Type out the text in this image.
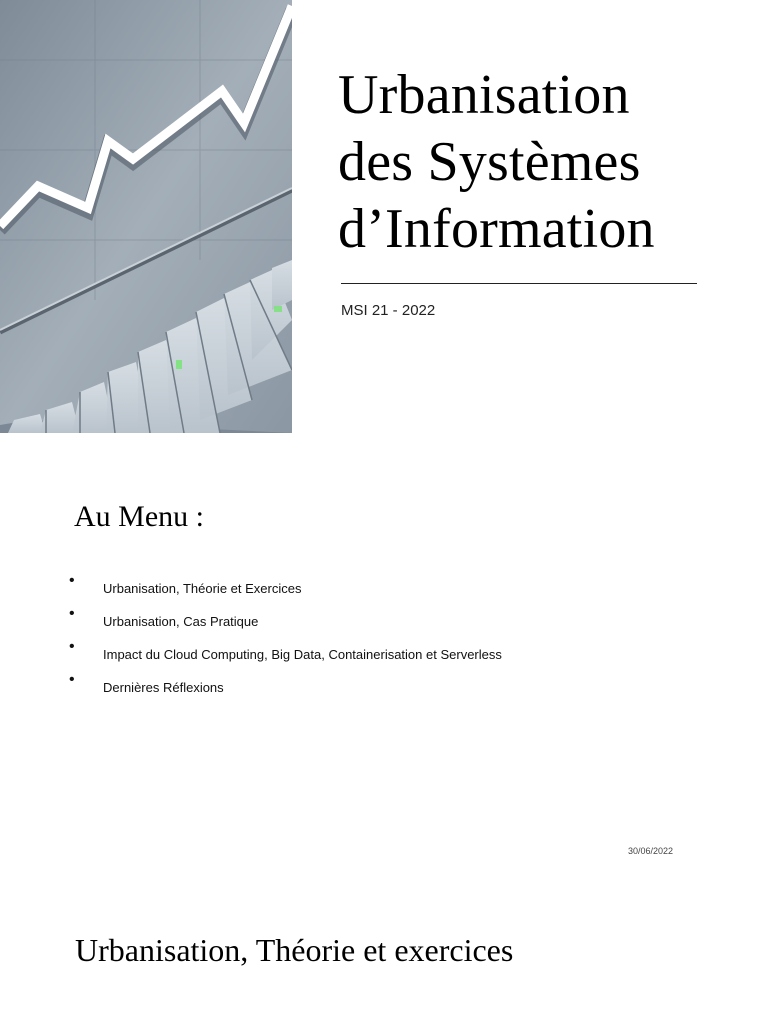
Urbanisation
des Systèmes
d’Information
MSI 21 - 2022
Au Menu :
• Urbanisation, Théorie et Exercices
• Urbanisation, Cas Pratique
• Impact du Cloud Computing, Big Data, Containerisation et Serverless
• Dernières Réflexions
30/06/2022
Urbanisation, Théorie et exercices
